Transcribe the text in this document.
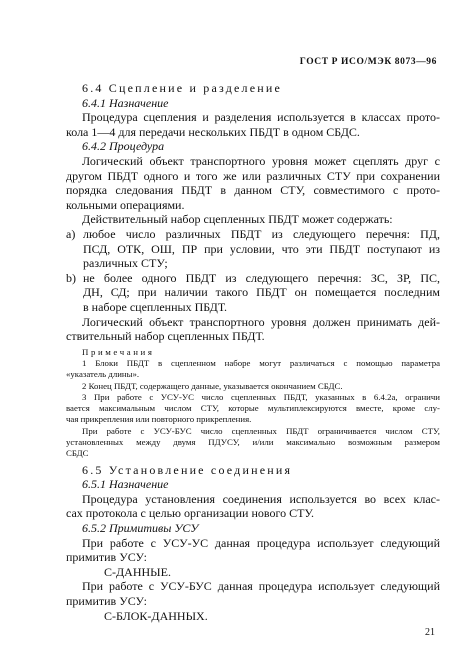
ГОСТ Р ИСО/МЭК 8073—96
6.4 Сцепление и разделение
6.4.1 Назначение
Процедура сцепления и разделения используется в классах прото-
кола 1—4 для передачи нескольких ПБДТ в одном СБДС.
6.4.2 Процедура
Логический объект транспортного уровня может сцеплять друг с
другом ПБДТ одного и того же или различных СТУ при сохранении
порядка следования ПБДТ в данном СТУ, совместимого с прото-
кольными операциями.
Действительный набор сцепленных ПБДТ может содержать:
а) любое число различных ПБДТ из следующего перечня: ПД,
ПСД, ОТК, ОШ, ПР при условии, что эти ПБДТ поступают из
различных СТУ;
b) не более одного ПБДТ из следующего перечня: ЗС, ЗР, ПС,
ДН, СД; при наличии такого ПБДТ он помещается последним
в наборе сцепленных ПБДТ.
Логический объект транспортного уровня должен принимать дей-
ствительный набор сцепленных ПБДТ.
Примечания
1 Блоки ПБДТ в сцепленном наборе могут различаться с помощью параметра
«указатель длины».
2 Конец ПБДТ, содержащего данные, указывается окончанием СБДС.
3 При работе с УСУ-УС число сцепленных ПБДТ, указанных в 6.4.2a, ограничи
вается максимальным числом СТУ, которые мультиплексируются вместе, кроме слу-
чая прикрепления или повторного прикрепления.
При работе с УСУ-БУС число сцепленных ПБДТ ограничивается числом СТУ,
установленных между двумя ПДУСУ, и/или максимально возможным размером
СБДС
6.5 Установление соединения
6.5.1 Назначение
Процедура установления соединения используется во всех клас-
сах протокола с целью организации нового СТУ.
6.5.2 Примитивы УСУ
При работе с УСУ-УС данная процедура использует следующий
примитив УСУ:
С-ДАННЫЕ.
При работе с УСУ-БУС данная процедура использует следующий
примитив УСУ:
С-БЛОК-ДАННЫХ.
21
